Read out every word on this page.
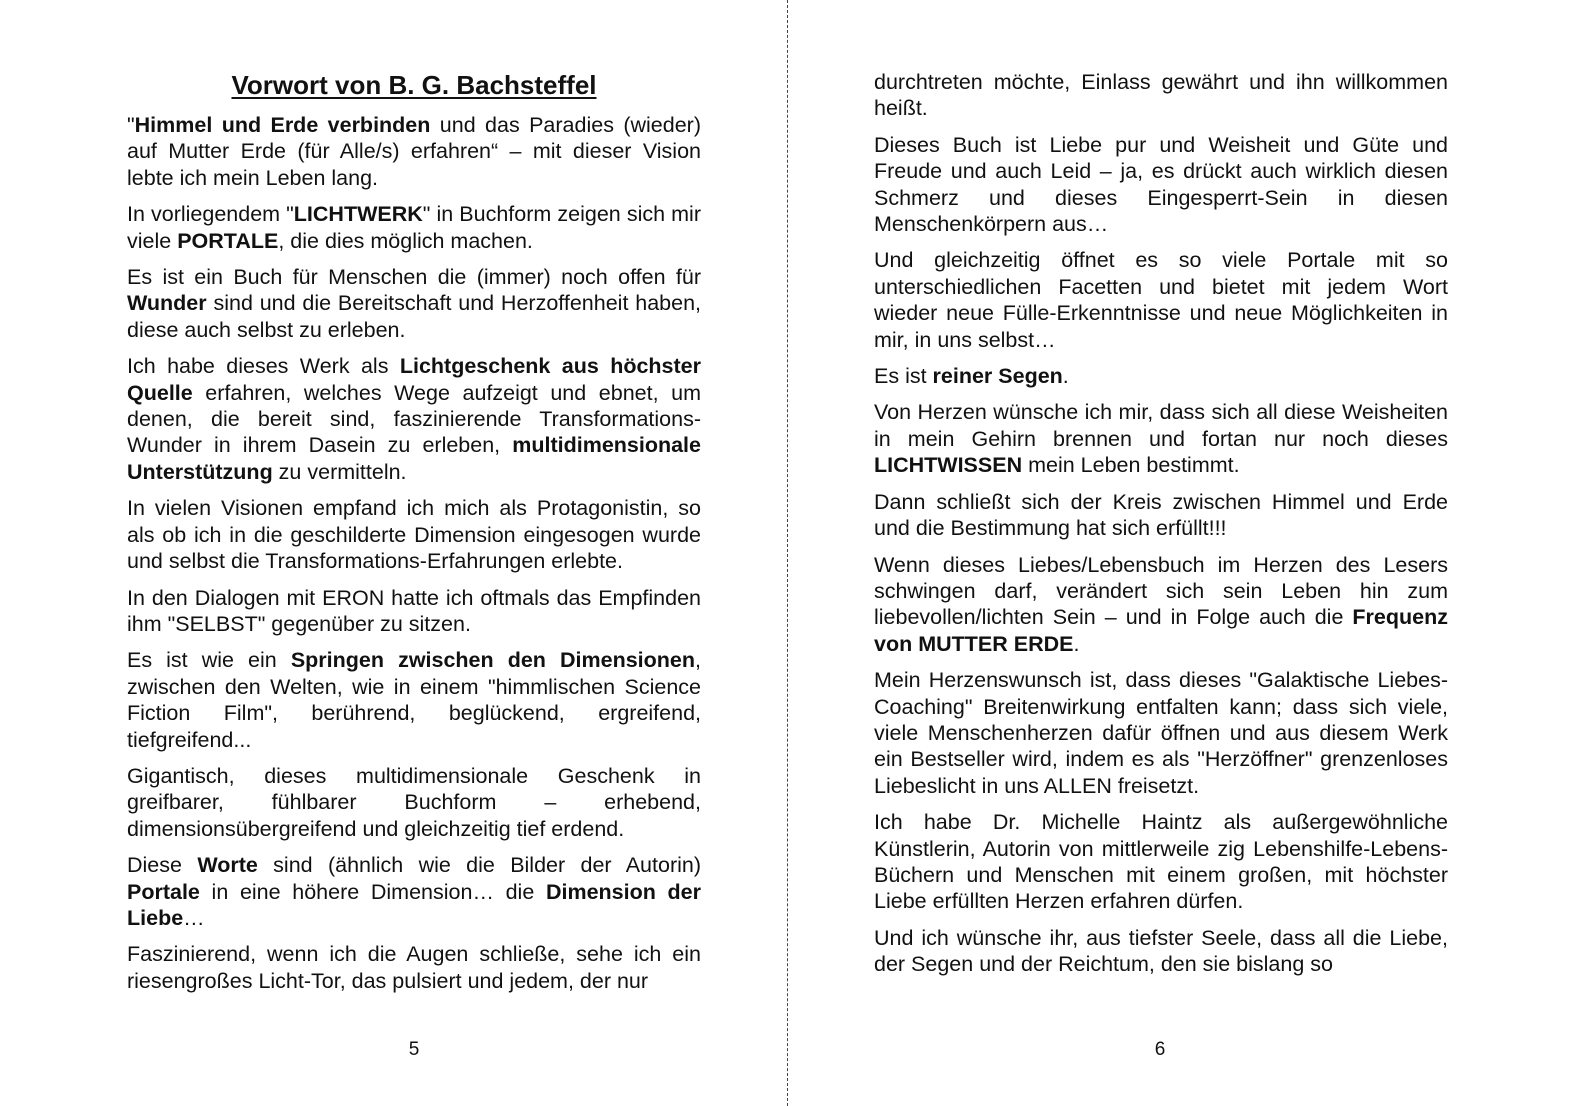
Vorwort von B. G. Bachsteffel

"Himmel und Erde verbinden und das Paradies (wieder) auf Mutter Erde (für Alle/s) erfahren“ – mit dieser Vision lebte ich mein Leben lang.

In vorliegendem "LICHTWERK" in Buchform zeigen sich mir viele PORTALE, die dies möglich machen.

Es ist ein Buch für Menschen die (immer) noch offen für Wunder sind und die Bereitschaft und Herzoffenheit haben, diese auch selbst zu erleben.

Ich habe dieses Werk als Lichtgeschenk aus höchster Quelle erfahren, welches Wege aufzeigt und ebnet, um denen, die bereit sind, faszinierende Transformations-Wunder in ihrem Dasein zu erleben, multidimensionale Unterstützung zu vermitteln.

In vielen Visionen empfand ich mich als Protagonistin, so als ob ich in die geschilderte Dimension eingesogen wurde und selbst die Transformations-Erfahrungen erlebte.

In den Dialogen mit ERON hatte ich oftmals das Empfinden ihm "SELBST" gegenüber zu sitzen.

Es ist wie ein Springen zwischen den Dimensionen, zwischen den Welten, wie in einem "himmlischen Science Fiction Film", berührend, beglückend, ergreifend, tiefgreifend...

Gigantisch, dieses multidimensionale Geschenk in greifbarer, fühlbarer Buchform – erhebend, dimensionsübergreifend und gleichzeitig tief erdend.

Diese Worte sind (ähnlich wie die Bilder der Autorin) Portale in eine höhere Dimension… die Dimension der Liebe…

Faszinierend, wenn ich die Augen schließe, sehe ich ein riesengroßes Licht-Tor, das pulsiert und jedem, der nur

5

durchtreten möchte, Einlass gewährt und ihn willkommen heißt.

Dieses Buch ist Liebe pur und Weisheit und Güte und Freude und auch Leid – ja, es drückt auch wirklich diesen Schmerz und dieses Eingesperrt-Sein in diesen Menschenkörpern aus…

Und gleichzeitig öffnet es so viele Portale mit so unterschiedlichen Facetten und bietet mit jedem Wort wieder neue Fülle-Erkenntnisse und neue Möglichkeiten in mir, in uns selbst…

Es ist reiner Segen.

Von Herzen wünsche ich mir, dass sich all diese Weisheiten in mein Gehirn brennen und fortan nur noch dieses LICHTWISSEN mein Leben bestimmt.

Dann schließt sich der Kreis zwischen Himmel und Erde und die Bestimmung hat sich erfüllt!!!

Wenn dieses Liebes/Lebensbuch im Herzen des Lesers schwingen darf, verändert sich sein Leben hin zum liebevollen/lichten Sein – und in Folge auch die Frequenz von MUTTER ERDE.

Mein Herzenswunsch ist, dass dieses "Galaktische Liebes-Coaching" Breitenwirkung entfalten kann; dass sich viele, viele Menschenherzen dafür öffnen und aus diesem Werk ein Bestseller wird, indem es als "Herzöffner" grenzenloses Liebeslicht in uns ALLEN freisetzt.

Ich habe Dr. Michelle Haintz als außergewöhnliche Künstlerin, Autorin von mittlerweile zig Lebenshilfe-Lebens-Büchern und Menschen mit einem großen, mit höchster Liebe erfüllten Herzen erfahren dürfen.

Und ich wünsche ihr, aus tiefster Seele, dass all die Liebe, der Segen und der Reichtum, den sie bislang so

6
